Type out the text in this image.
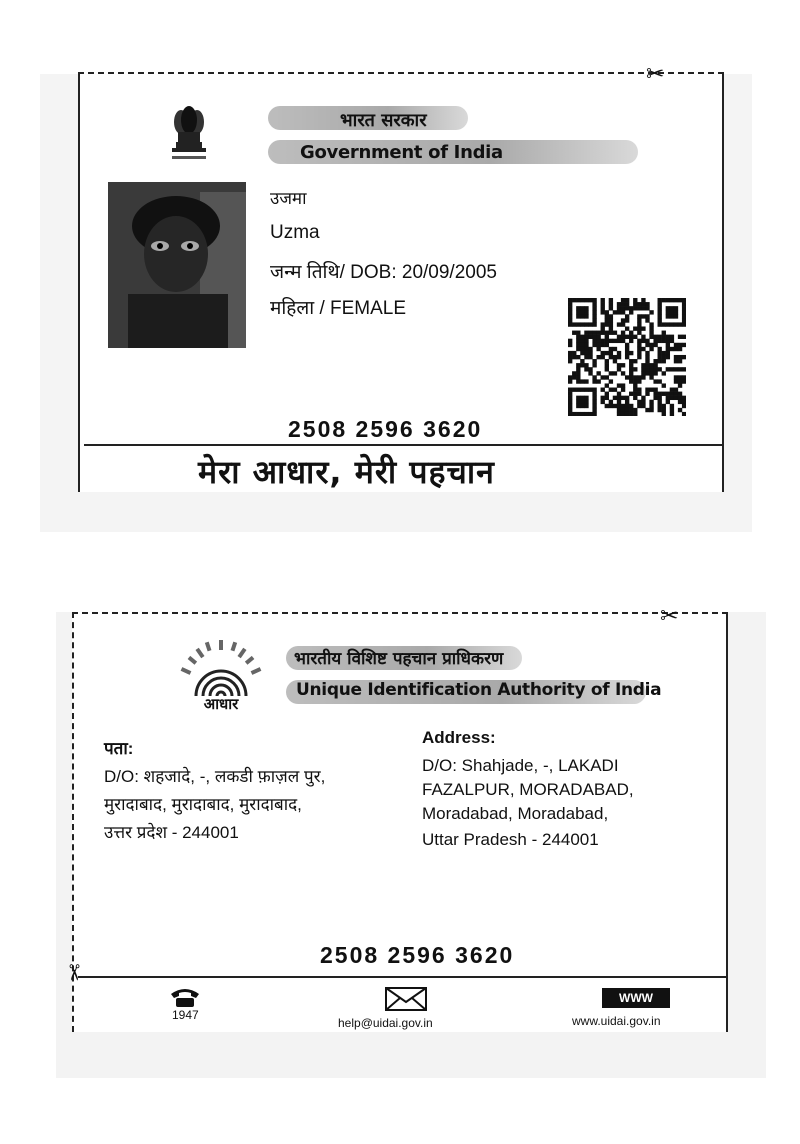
✂
भारत सरकार
Government of India
उजमा
Uzma
जन्म तिथि/ DOB: 20/09/2005
महिला / FEMALE
2508 2596 3620
मेरा आधार, मेरी पहचान
✂
✂
आधार
भारतीय विशिष्ट पहचान प्राधिकरण
Unique Identification Authority of India
पता:
D/O: शहजादे, -, लकडी फ़ाज़ल पुर,
मुरादाबाद, मुरादाबाद, मुरादाबाद,
उत्तर प्रदेश - 244001
Address:
D/O: Shahjade, -, LAKADI
FAZALPUR, MORADABAD,
Moradabad, Moradabad,
Uttar Pradesh - 244001
2508 2596 3620
1947
help@uidai.gov.in
WWW
www.uidai.gov.in
